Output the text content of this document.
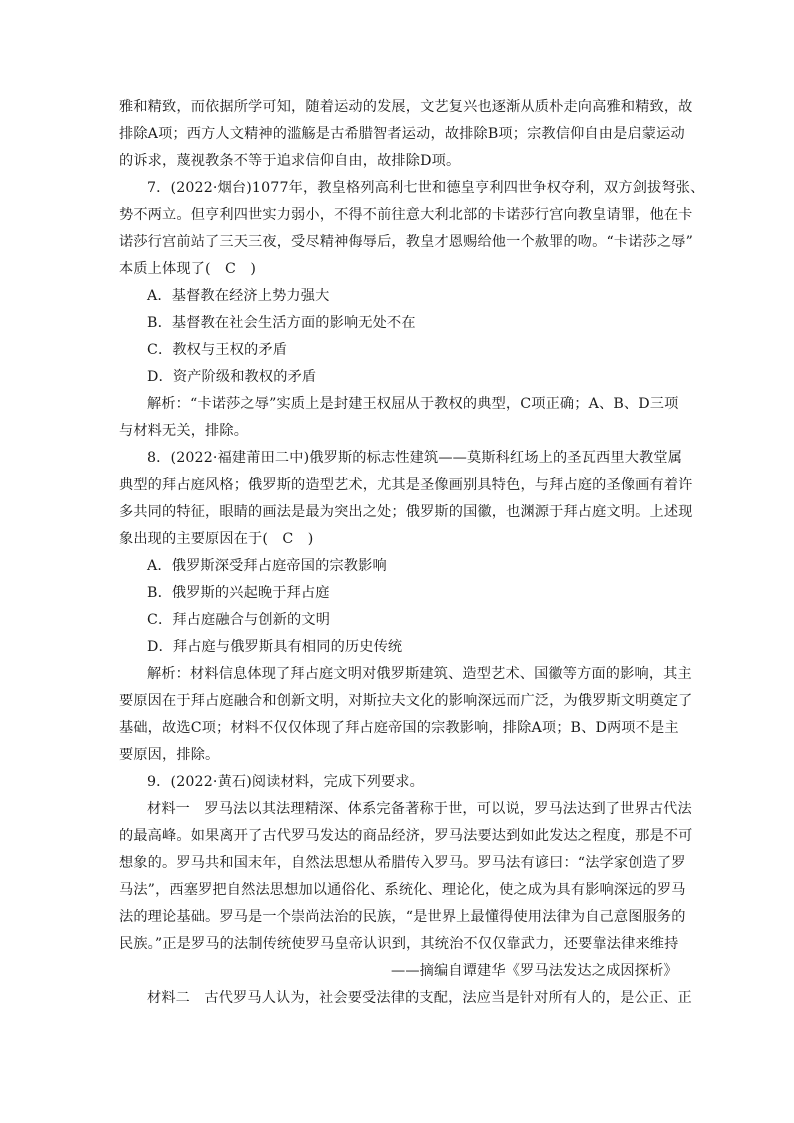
雅和精致，而依据所学可知，随着运动的发展，文艺复兴也逐渐从质朴走向高雅和精致，故
排除A项；西方人文精神的滥觞是古希腊智者运动，故排除B项；宗教信仰自由是启蒙运动
的诉求，蔑视教条不等于追求信仰自由，故排除D项。
7．(2022·烟台)1077年，教皇格列高利七世和德皇亨利四世争权夺利，双方剑拔弩张、
势不两立。但亨利四世实力弱小，不得不前往意大利北部的卡诺莎行宫向教皇请罪，他在卡
诺莎行宫前站了三天三夜，受尽精神侮辱后，教皇才恩赐给他一个赦罪的吻。“卡诺莎之辱”
本质上体现了(　C　)
A．基督教在经济上势力强大
B．基督教在社会生活方面的影响无处不在
C．教权与王权的矛盾
D．资产阶级和教权的矛盾
解析：“卡诺莎之辱”实质上是封建王权屈从于教权的典型，C项正确；A、B、D三项
与材料无关，排除。
8．(2022·福建莆田二中)俄罗斯的标志性建筑——莫斯科红场上的圣瓦西里大教堂属
典型的拜占庭风格；俄罗斯的造型艺术，尤其是圣像画别具特色，与拜占庭的圣像画有着许
多共同的特征，眼睛的画法是最为突出之处；俄罗斯的国徽，也渊源于拜占庭文明。上述现
象出现的主要原因在于(　C　)
A．俄罗斯深受拜占庭帝国的宗教影响
B．俄罗斯的兴起晚于拜占庭
C．拜占庭融合与创新的文明
D．拜占庭与俄罗斯具有相同的历史传统
解析：材料信息体现了拜占庭文明对俄罗斯建筑、造型艺术、国徽等方面的影响，其主
要原因在于拜占庭融合和创新文明，对斯拉夫文化的影响深远而广泛，为俄罗斯文明奠定了
基础，故选C项；材料不仅仅体现了拜占庭帝国的宗教影响，排除A项；B、D两项不是主
要原因，排除。
9．(2022·黄石)阅读材料，完成下列要求。
材料一　罗马法以其法理精深、体系完备著称于世，可以说，罗马法达到了世界古代法
的最高峰。如果离开了古代罗马发达的商品经济，罗马法要达到如此发达之程度，那是不可
想象的。罗马共和国末年，自然法思想从希腊传入罗马。罗马法有谚曰：“法学家创造了罗
马法”，西塞罗把自然法思想加以通俗化、系统化、理论化，使之成为具有影响深远的罗马
法的理论基础。罗马是一个崇尚法治的民族，“是世界上最懂得使用法律为自己意图服务的
民族。”正是罗马的法制传统使罗马皇帝认识到，其统治不仅仅靠武力，还要靠法律来维持
——摘编自谭建华《罗马法发达之成因探析》
材料二　古代罗马人认为，社会要受法律的支配，法应当是针对所有人的，是公正、正
